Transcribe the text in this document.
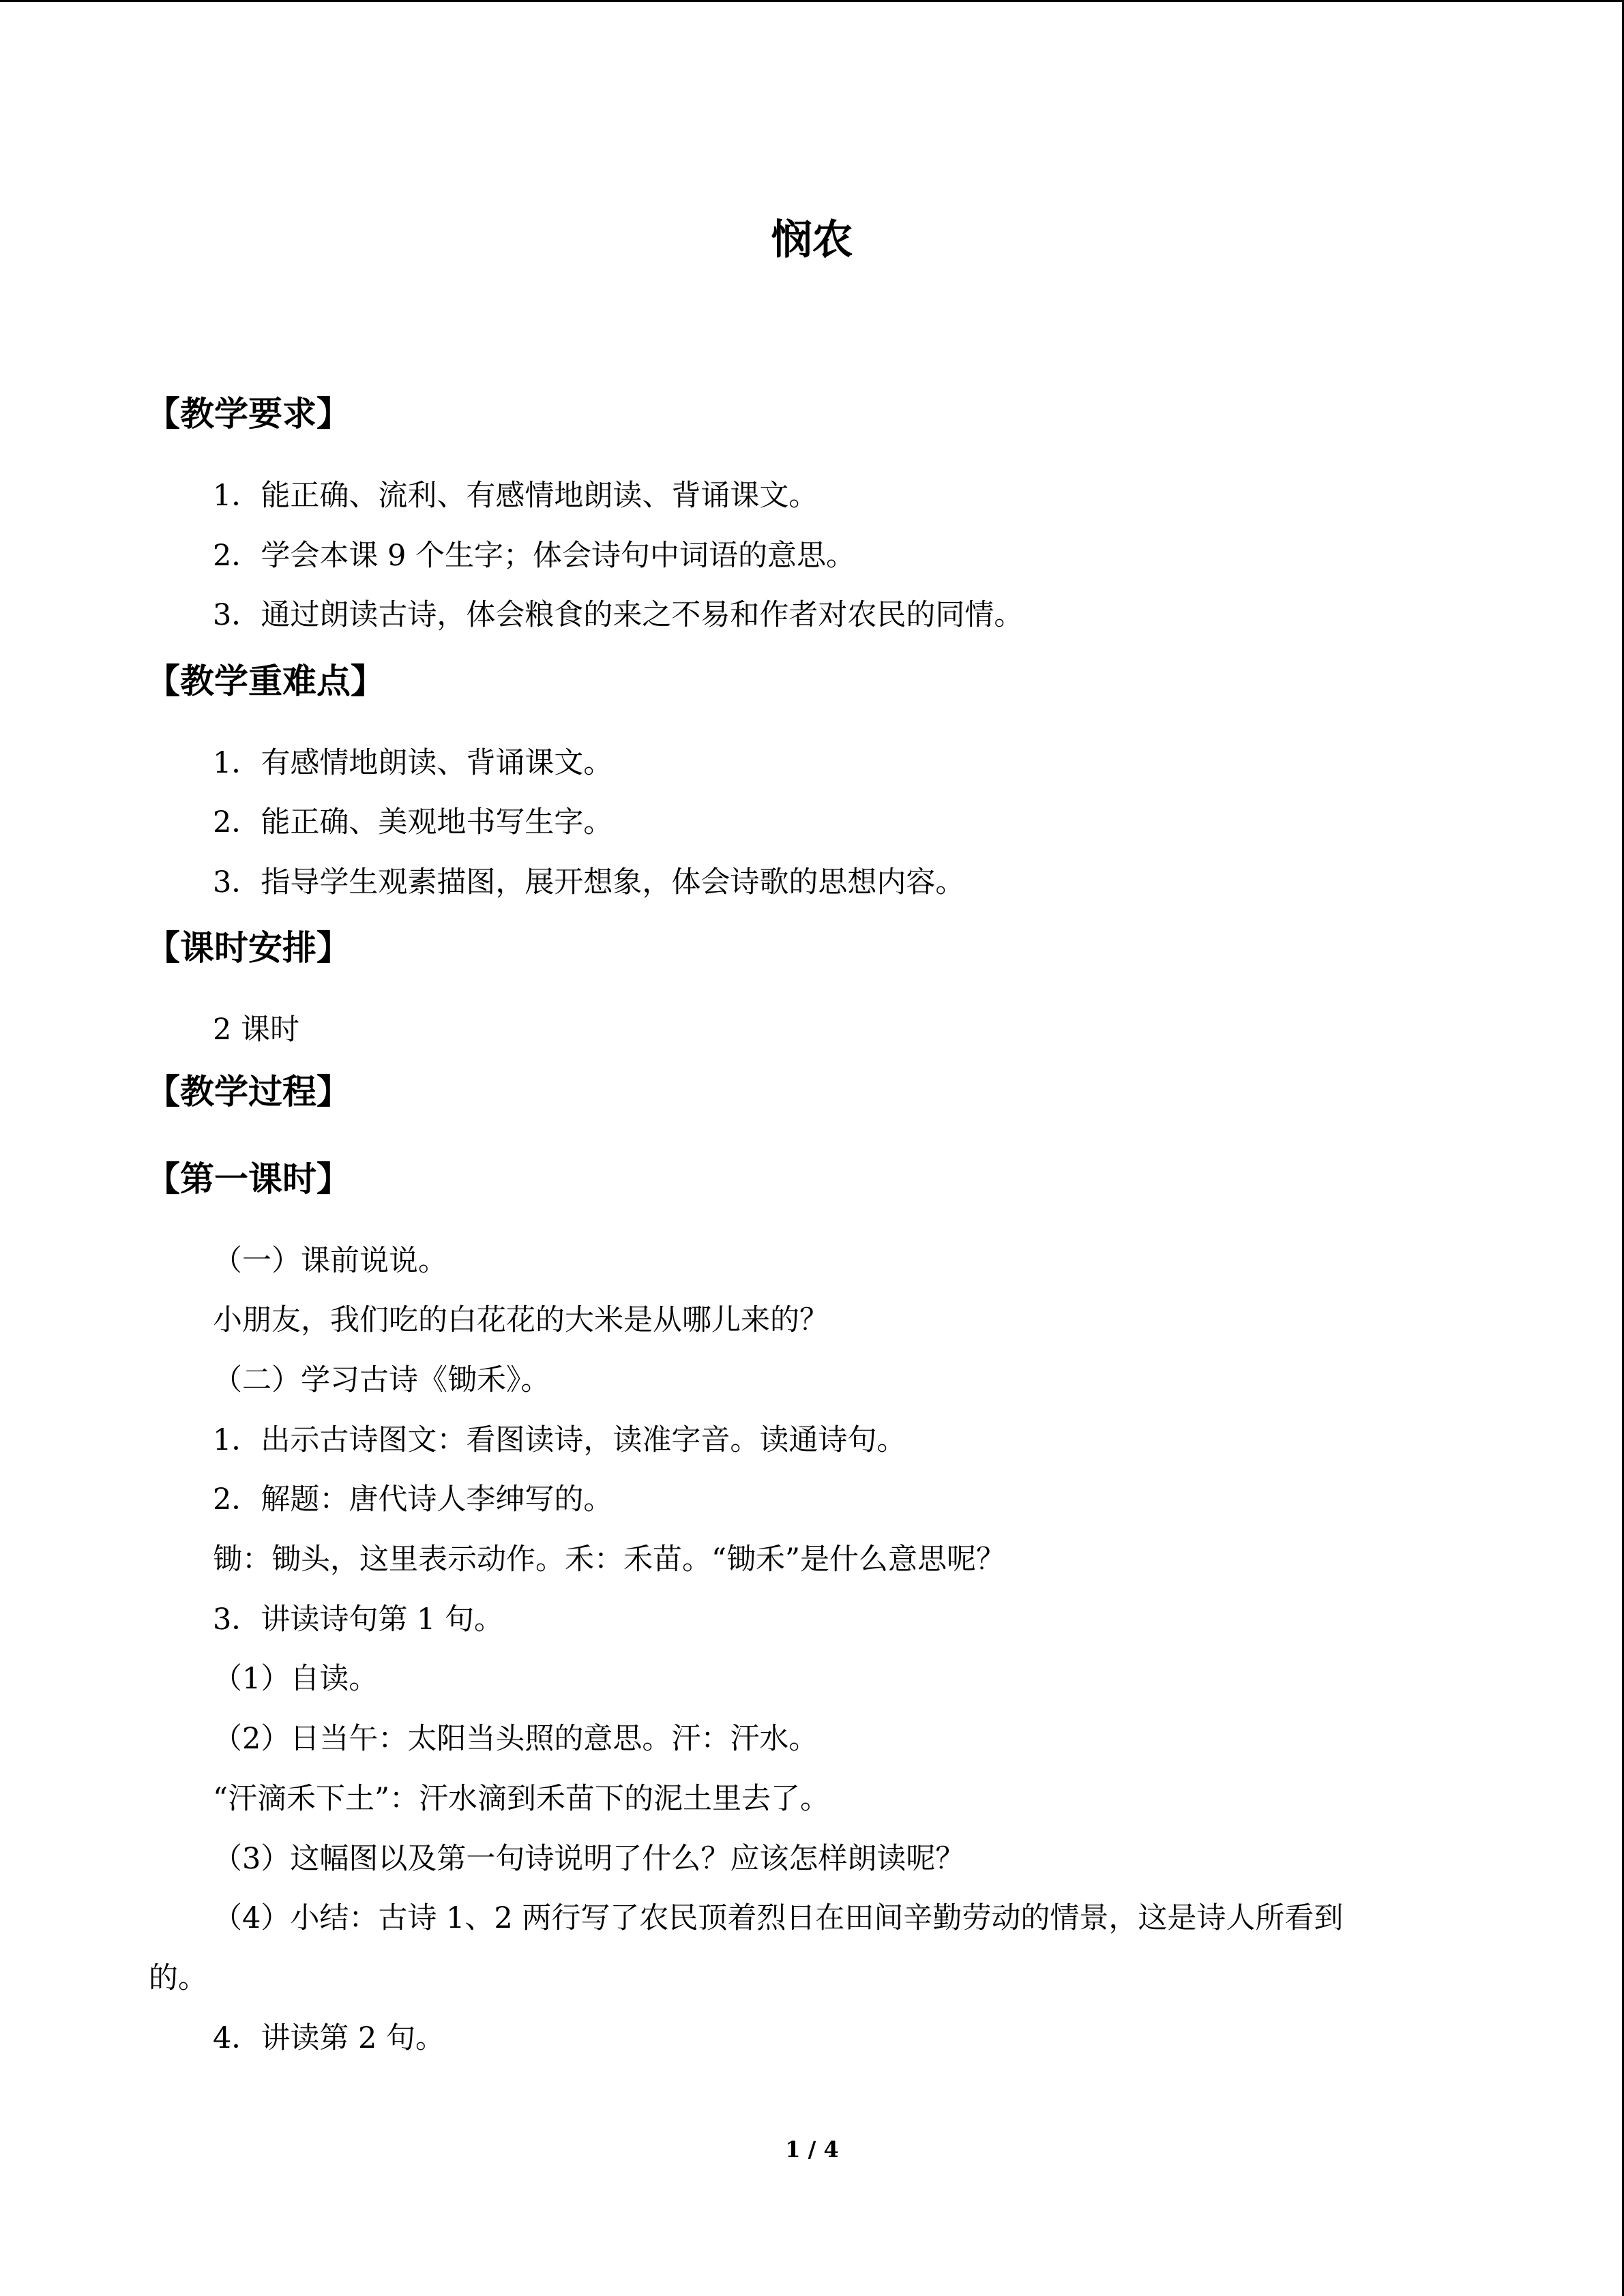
悯农
【教学要求】
1．能正确、流利、有感情地朗读、背诵课文。
2．学会本课 9 个生字；体会诗句中词语的意思。
3．通过朗读古诗，体会粮食的来之不易和作者对农民的同情。
【教学重难点】
1．有感情地朗读、背诵课文。
2．能正确、美观地书写生字。
3．指导学生观素描图，展开想象，体会诗歌的思想内容。
【课时安排】
2 课时
【教学过程】
【第一课时】
（一）课前说说。
小朋友，我们吃的白花花的大米是从哪儿来的？
（二）学习古诗《锄禾》。
1．出示古诗图文：看图读诗，读准字音。读通诗句。
2．解题：唐代诗人李绅写的。
锄：锄头，这里表示动作。禾：禾苗。“锄禾”是什么意思呢？
3．讲读诗句第 1 句。
（1）自读。
（2）日当午：太阳当头照的意思。汗：汗水。
“汗滴禾下土”：汗水滴到禾苗下的泥土里去了。
（3）这幅图以及第一句诗说明了什么？应该怎样朗读呢？
（4）小结：古诗 1、2 两行写了农民顶着烈日在田间辛勤劳动的情景，这是诗人所看到
的。
4．讲读第 2 句。
1 / 4
